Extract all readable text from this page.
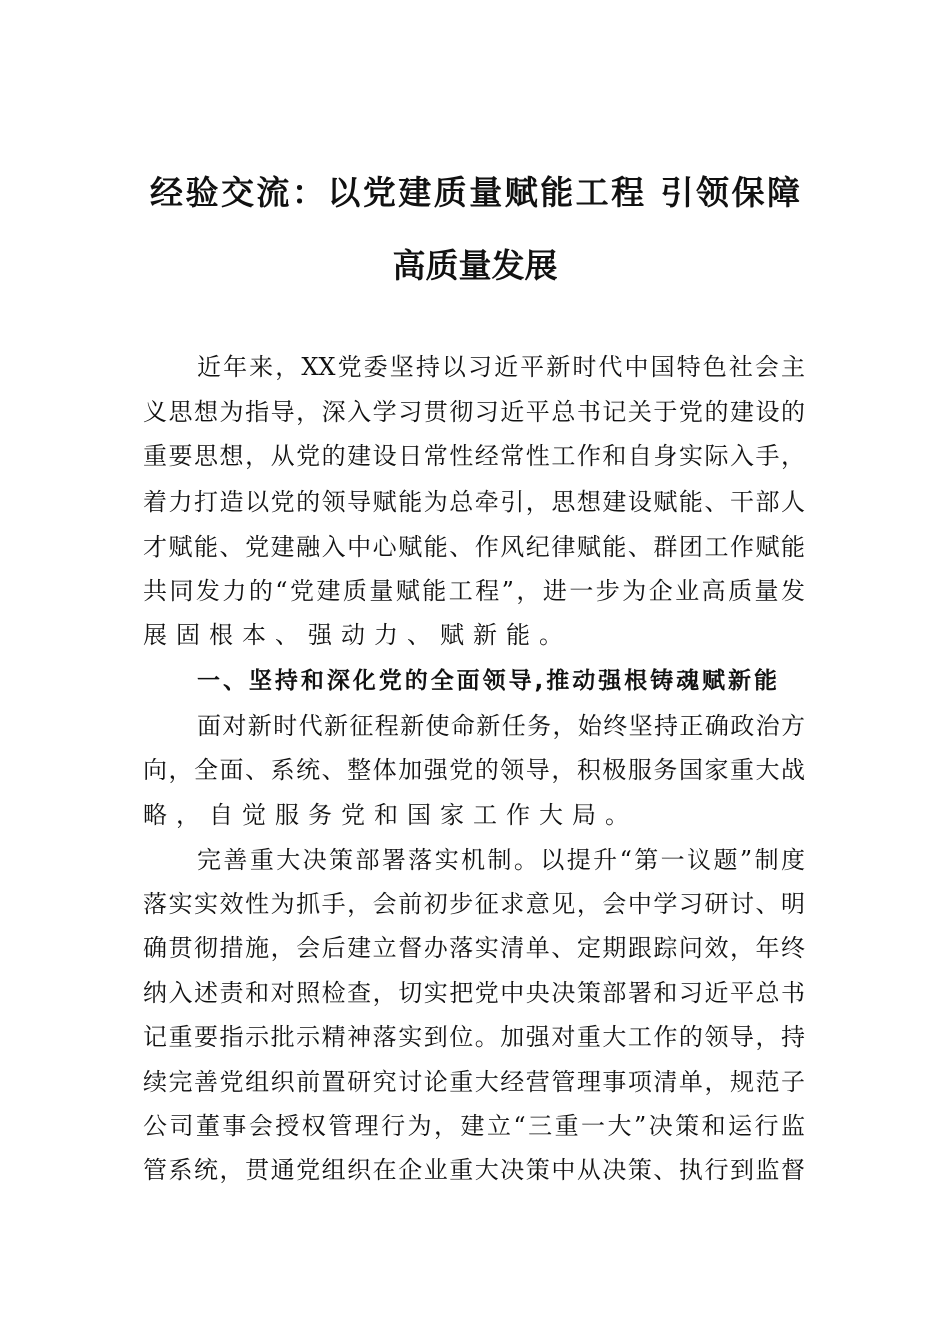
经验交流：以党建质量赋能工程 引领保障
高质量发展
近年来，XX党委坚持以习近平新时代中国特色社会主
义思想为指导，深入学习贯彻习近平总书记关于党的建设的
重要思想，从党的建设日常性经常性工作和自身实际入手，
着力打造以党的领导赋能为总牵引，思想建设赋能、干部人
才赋能、党建融入中心赋能、作风纪律赋能、群团工作赋能
共同发力的“党建质量赋能工程”，进一步为企业高质量发
展固根本、强动力、赋新能。
一、坚持和深化党的全面领导,推动强根铸魂赋新能
面对新时代新征程新使命新任务，始终坚持正确政治方
向，全面、系统、整体加强党的领导，积极服务国家重大战
略，自觉服务党和国家工作大局。
完善重大决策部署落实机制。以提升“第一议题”制度
落实实效性为抓手，会前初步征求意见，会中学习研讨、明
确贯彻措施，会后建立督办落实清单、定期跟踪问效，年终
纳入述责和对照检查，切实把党中央决策部署和习近平总书
记重要指示批示精神落实到位。加强对重大工作的领导，持
续完善党组织前置研究讨论重大经营管理事项清单，规范子
公司董事会授权管理行为，建立“三重一大”决策和运行监
管系统，贯通党组织在企业重大决策中从决策、执行到监督
